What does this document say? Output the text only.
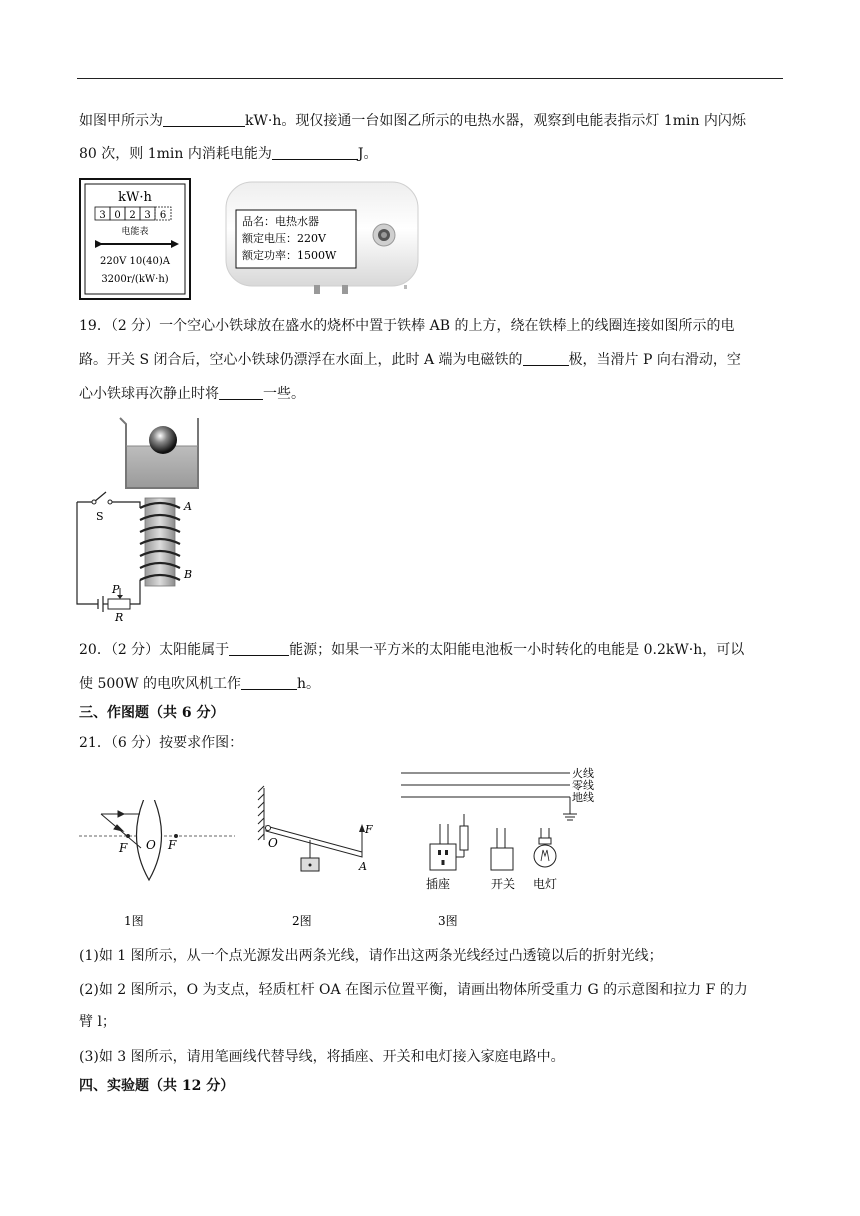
如图甲所示为	kW·h。现仅接通一台如图乙所示的电热水器，观察到电能表指示灯 1min 内闪烁
80 次，则 1min 内消耗电能为	J。
kW·h
3 0 2 3 6
电能表
220V 10(40)A
3200r/(kW·h)
品名：电热水器
额定电压：220V
额定功率：1500W
19．（2 分）一个空心小铁球放在盛水的烧杯中置于铁棒 AB 的上方，绕在铁棒上的线圈连接如图所示的电
路。开关 S 闭合后，空心小铁球仍漂浮在水面上，此时 A 端为电磁铁的	极，当滑片 P 向右滑动，空
心小铁球再次静止时将	一些。
S
A
B
P
R
20．（2 分）太阳能属于	能源；如果一平方米的太阳能电池板一小时转化的电能是 0.2kW·h，可以
使 500W 的电吹风机工作	h。
三、作图题（共 6 分）
21．（6 分）按要求作图：
F O F
1图
O
F
A
2图
火线
零线
地线
插座	开关 电灯
3图
(1)如 1 图所示，从一个点光源发出两条光线，请作出这两条光线经过凸透镜以后的折射光线；
(2)如 2 图所示，O 为支点，轻质杠杆 OA 在图示位置平衡，请画出物体所受重力 G 的示意图和拉力 F 的力
臂 l；
(3)如 3 图所示，请用笔画线代替导线，将插座、开关和电灯接入家庭电路中。
四、实验题（共 12 分）
